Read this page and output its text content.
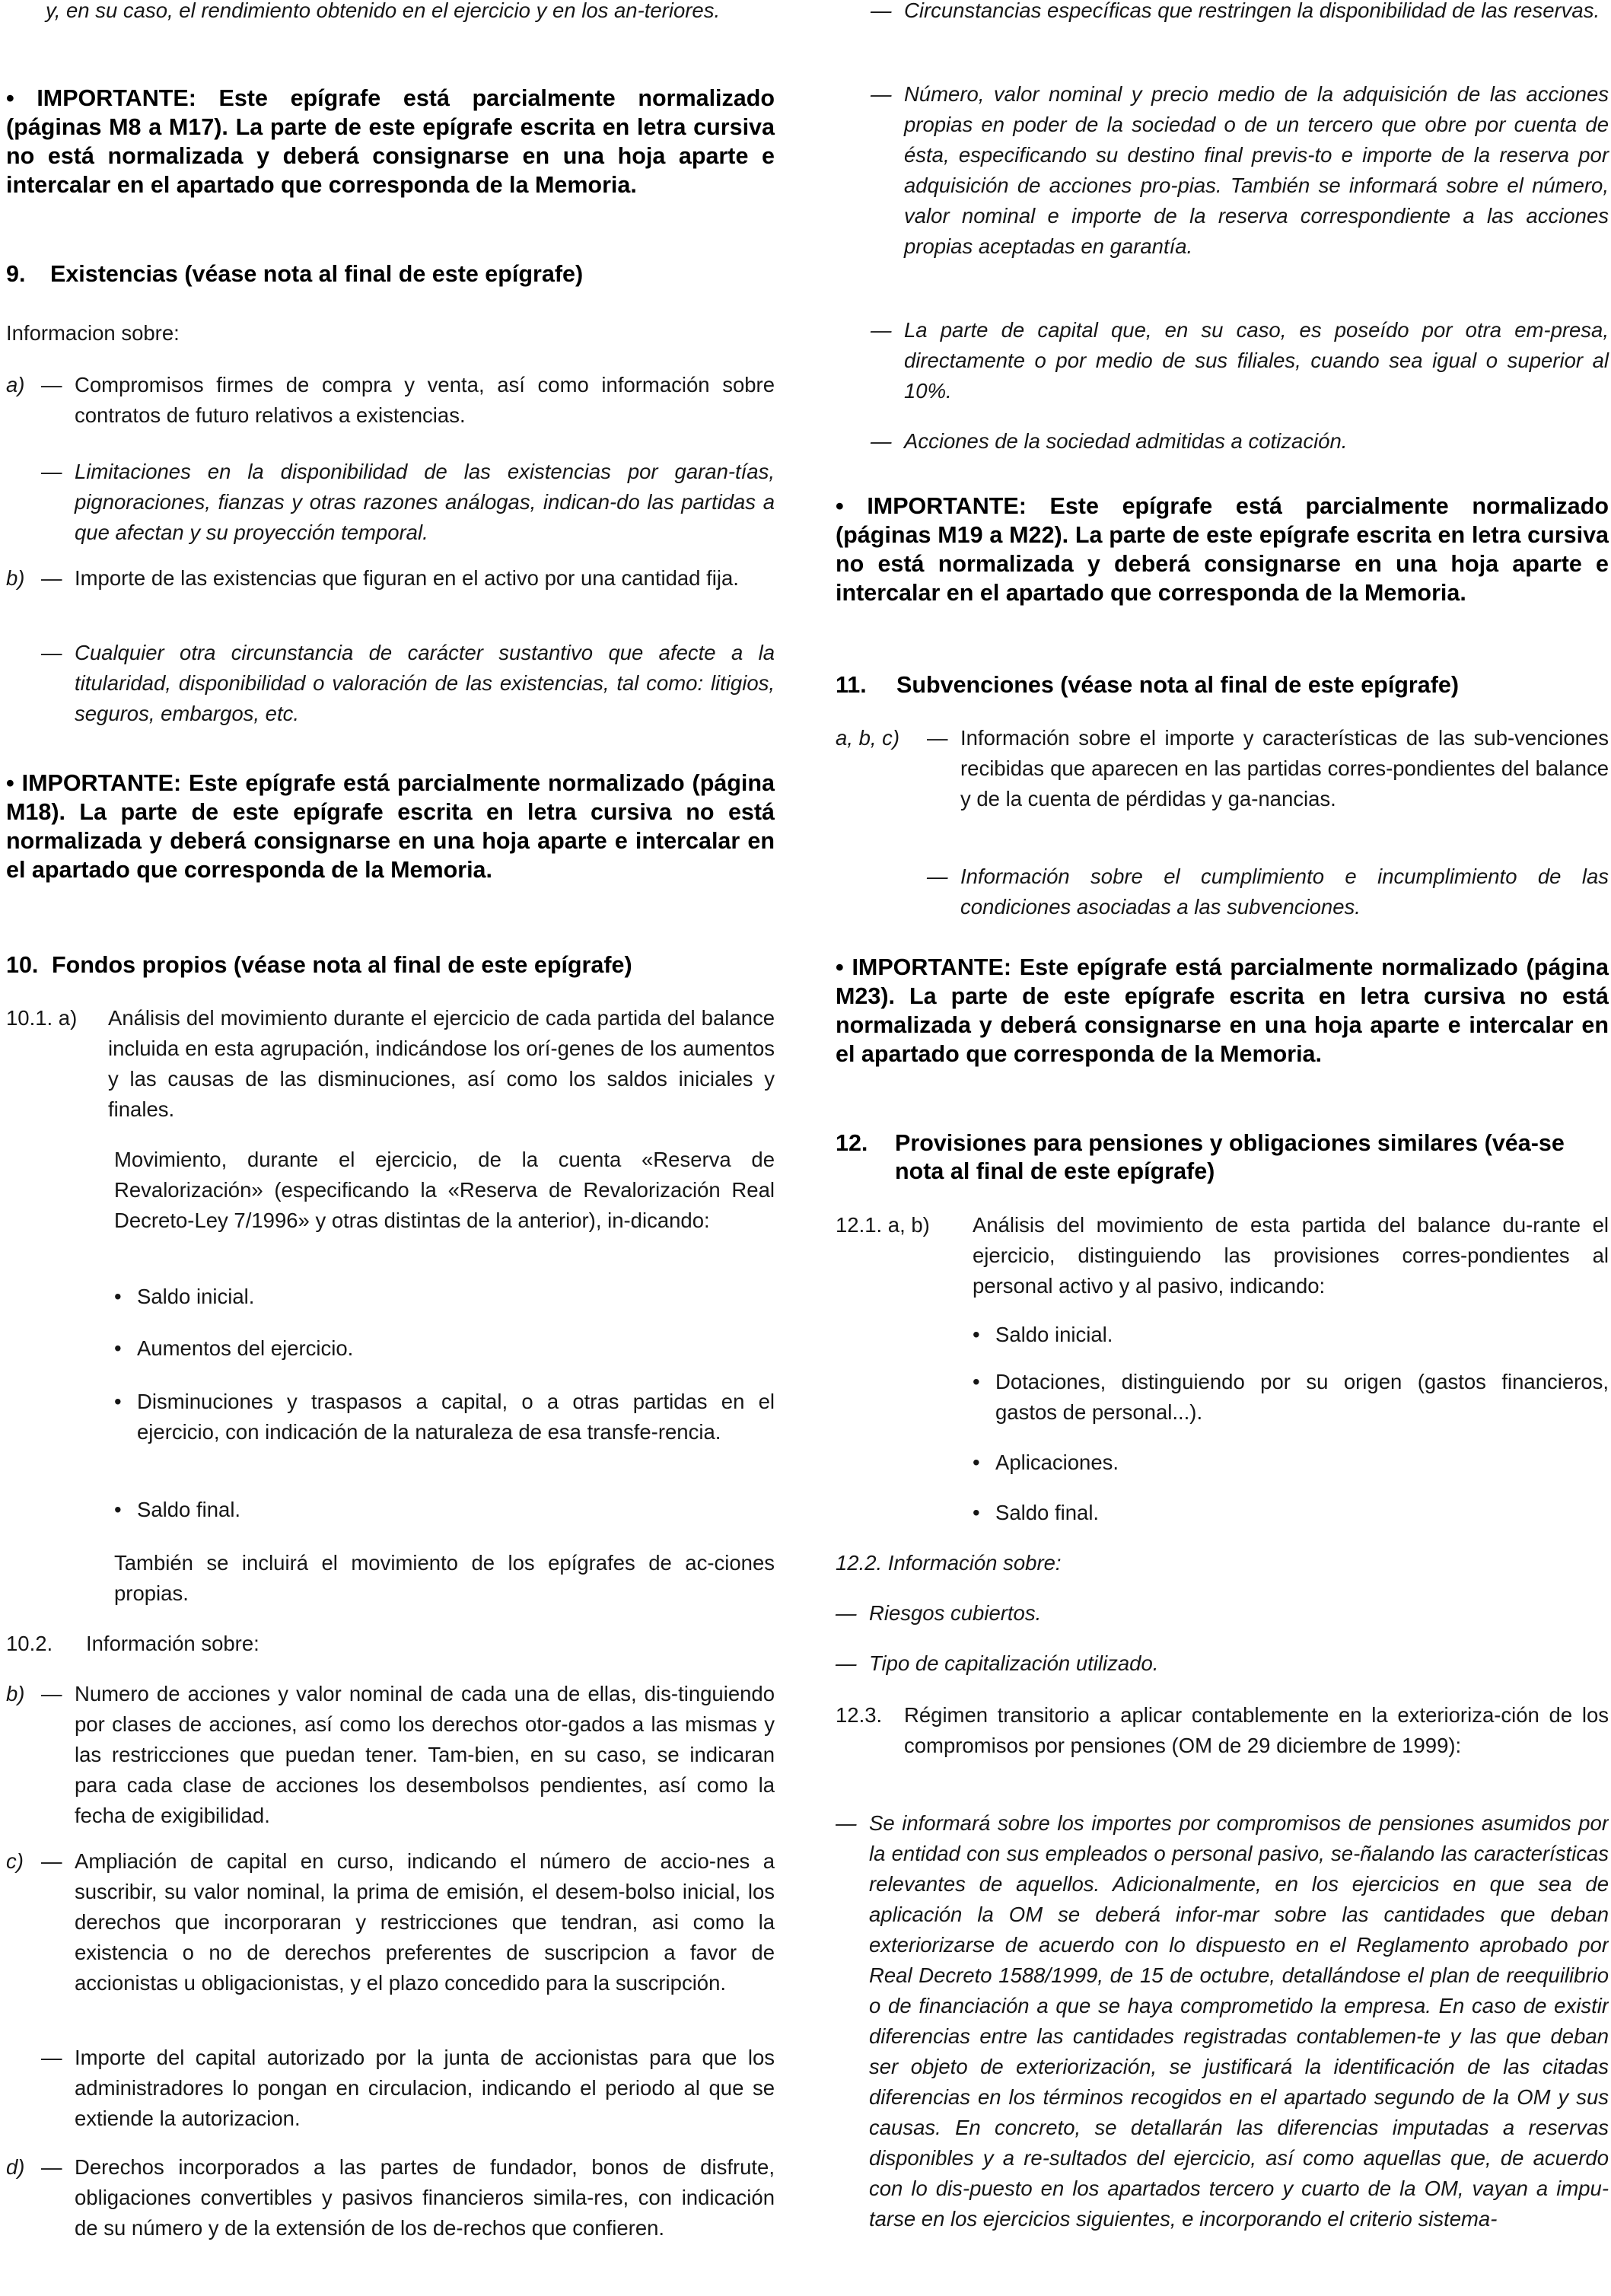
y, en su caso, el rendimiento obtenido en el ejercicio y en los an-teriores.

• IMPORTANTE: Este epígrafe está parcialmente normalizado (páginas M8 a M17). La parte de este epígrafe escrita en letra cursiva no está normalizada y deberá consignarse en una hoja aparte e intercalar en el apartado que corresponda de la Memoria.

9.	Existencias (véase nota al final de este epígrafe)

Informacion sobre:

a) — Compromisos firmes de compra y venta, así como información sobre contratos de futuro relativos a existencias.
— Limitaciones en la disponibilidad de las existencias por garan-tías, pignoraciones, fianzas y otras razones análogas, indican-do las partidas a que afectan y su proyección temporal.
b) — Importe de las existencias que figuran en el activo por una cantidad fija.
— Cualquier otra circunstancia de carácter sustantivo que afecte a la titularidad, disponibilidad o valoración de las existencias, tal como: litigios, seguros, embargos, etc.

• IMPORTANTE: Este epígrafe está parcialmente normalizado (página M18). La parte de este epígrafe escrita en letra cursiva no está normalizada y deberá consignarse en una hoja aparte e intercalar en el apartado que corresponda de la Memoria.

10. Fondos propios (véase nota al final de este epígrafe)
10.1. a)	Análisis del movimiento durante el ejercicio de cada partida del balance incluida en esta agrupación, indicándose los orí-genes de los aumentos y las causas de las disminuciones, así como los saldos iniciales y finales.

Movimiento, durante el ejercicio, de la cuenta «Reserva de Revalorización» (especificando la «Reserva de Revalorización Real Decreto-Ley 7/1996» y otras distintas de la anterior), in-dicando:

• Saldo inicial.
• Aumentos del ejercicio.
• Disminuciones y traspasos a capital, o a otras partidas en el ejercicio, con indicación de la naturaleza de esa transfe-rencia.
• Saldo final.

También se incluirá el movimiento de los epígrafes de ac-ciones propias.

10.2.	Información sobre:
b) — Numero de acciones y valor nominal de cada una de ellas, dis-tinguiendo por clases de acciones, así como los derechos otor-gados a las mismas y las restricciones que puedan tener. Tam-bien, en su caso, se indicaran para cada clase de acciones los desembolsos pendientes, así como la fecha de exigibilidad.
c) — Ampliación de capital en curso, indicando el número de accio-nes a suscribir, su valor nominal, la prima de emisión, el desem-bolso inicial, los derechos que incorporaran y restricciones que tendran, asi como la existencia o no de derechos preferentes de suscripcion a favor de accionistas u obligacionistas, y el plazo concedido para la suscripción.
— Importe del capital autorizado por la junta de accionistas para que los administradores lo pongan en circulacion, indicando el periodo al que se extiende la autorizacion.
d) — Derechos incorporados a las partes de fundador, bonos de disfrute, obligaciones convertibles y pasivos financieros simila-res, con indicación de su número y de la extensión de los de-rechos que confieren.
— Circunstancias específicas que restringen la disponibilidad de las reservas.
— Número, valor nominal y precio medio de la adquisición de las acciones propias en poder de la sociedad o de un tercero que obre por cuenta de ésta, especificando su destino final previs-to e importe de la reserva por adquisición de acciones pro-pias. También se informará sobre el número, valor nominal e importe de la reserva correspondiente a las acciones propias aceptadas en garantía.
— La parte de capital que, en su caso, es poseído por otra em-presa, directamente o por medio de sus filiales, cuando sea igual o superior al 10%.
— Acciones de la sociedad admitidas a cotización.

• IMPORTANTE: Este epígrafe está parcialmente normalizado (páginas M19 a M22). La parte de este epígrafe escrita en letra cursiva no está normalizada y deberá consignarse en una hoja aparte e intercalar en el apartado que corresponda de la Memoria.

11.	Subvenciones (véase nota al final de este epígrafe)
a, b, c)	— Información sobre el importe y características de las sub-venciones recibidas que aparecen en las partidas corres-pondientes del balance y de la cuenta de pérdidas y ga-nancias.
— Información sobre el cumplimiento e incumplimiento de las condiciones asociadas a las subvenciones.

• IMPORTANTE: Este epígrafe está parcialmente normalizado (página M23). La parte de este epígrafe escrita en letra cursiva no está normalizada y deberá consignarse en una hoja aparte e intercalar en el apartado que corresponda de la Memoria.

12.	Provisiones para pensiones y obligaciones similares (véa-se nota al final de este epígrafe)
12.1. a, b)	Análisis del movimiento de esta partida del balance du-rante el ejercicio, distinguiendo las provisiones corres-pondientes al personal activo y al pasivo, indicando:
• Saldo inicial.
• Dotaciones, distinguiendo por su origen (gastos financieros, gastos de personal...).
• Aplicaciones.
• Saldo final.

12.2. Información sobre:

— Riesgos cubiertos.
— Tipo de capitalización utilizado.
12.3.	Régimen transitorio a aplicar contablemente en la exterioriza-ción de los compromisos por pensiones (OM de 29 diciembre de 1999):
— Se informará sobre los importes por compromisos de pensiones asumidos por la entidad con sus empleados o personal pasivo, se-ñalando las características relevantes de aquellos. Adicionalmente, en los ejercicios en que sea de aplicación la OM se deberá infor-mar sobre las cantidades que deban exteriorizarse de acuerdo con lo dispuesto en el Reglamento aprobado por Real Decreto 1588/1999, de 15 de octubre, detallándose el plan de reequilibrio o de financiación a que se haya comprometido la empresa. En caso de existir diferencias entre las cantidades registradas contablemen-te y las que deban ser objeto de exteriorización, se justificará la identificación de las citadas diferencias en los términos recogidos en el apartado segundo de la OM y sus causas. En concreto, se detallarán las diferencias imputadas a reservas disponibles y a re-sultados del ejercicio, así como aquellas que, de acuerdo con lo dis-puesto en los apartados tercero y cuarto de la OM, vayan a impu-tarse en los ejercicios siguientes, e incorporando el criterio sistema-
